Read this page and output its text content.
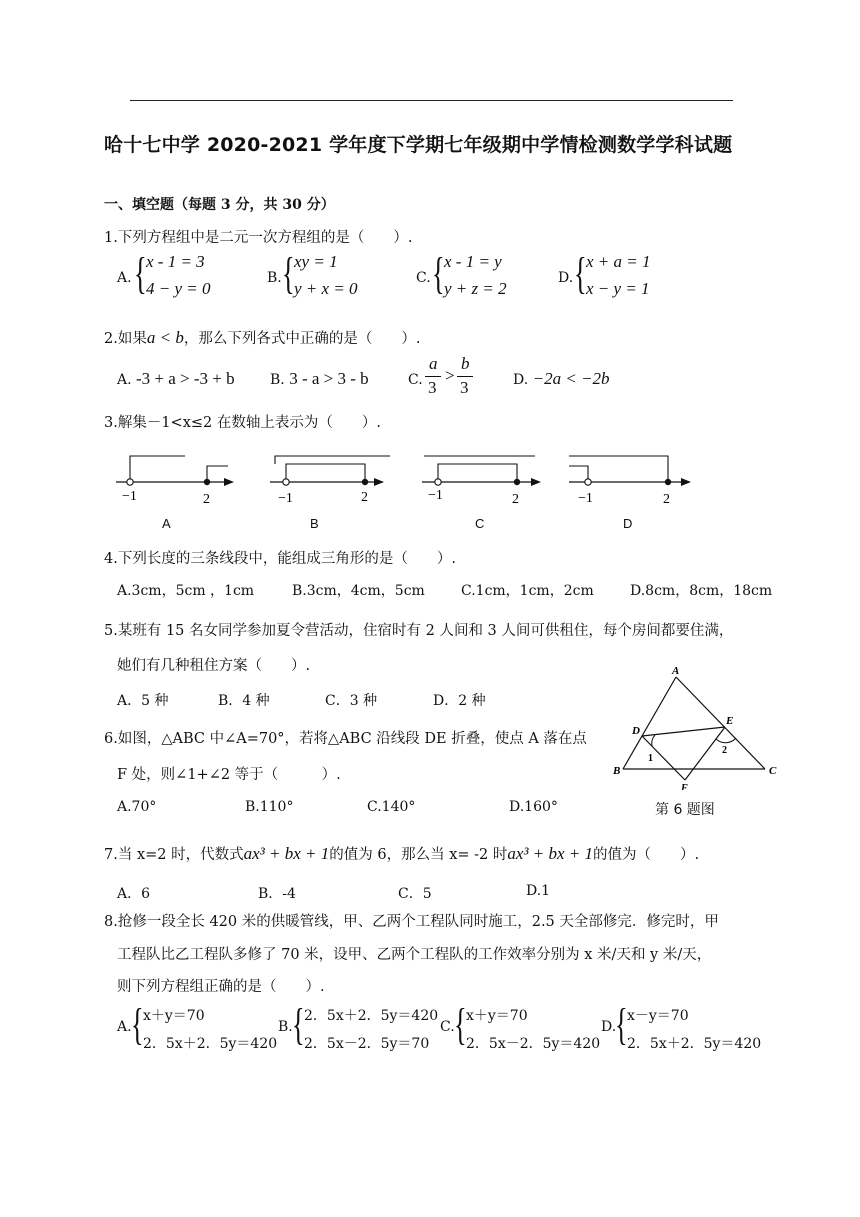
哈十七中学 2020-2021 学年度下学期七年级期中学情检测数学学科试题
一、填空题（每题 3 分，共 30 分）
1.下列方程组中是二元一次方程组的是（　　）.
A. { x - 1 = 3
4 − y = 0
B. { xy = 1
y + x = 0
C. { x - 1 = y
y + z = 2
D. { x + a = 1
x − y = 1
2.如果a < b，那么下列各式中正确的是（　　）.
A. -3 + a > -3 + b	B. 3 - a > 3 - b	C.
a
3
>
b
3	D. −2a < −2b
3.解集－1<x≤2 在数轴上表示为（　　）.
−1	2	−1	2	−1	2	−1	2
A	B	C	D
4.下列长度的三条线段中，能组成三角形的是（　　）.
A.3cm，5cm ，1cm	B.3cm，4cm，5cm	C.1cm，1cm，2cm	D.8cm，8cm，18cm
5.某班有 15 名女同学参加夏令营活动，住宿时有 2 人间和 3 人间可供租住，每个房间都要住满，
她们有几种租住方案（　　）.
A．5 种	B．4 种	C．3 种	D．2 种
6.如图，△ABC 中∠A=70°，若将△ABC 沿线段 DE 折叠，使点 A 落在点
F 处，则∠1+∠2 等于（　　　）.
A.70°	B.110°	C.140°	D.160°
A
D
E
B	C
F
1
2
第 6 题图
7.当 x=2 时，代数式ax³ + bx + 1的值为 6，那么当 x= -2 时ax³ + bx + 1的值为（　　）.
A．6	B．-4	C．5	D.1
8.抢修一段全长 420 米的供暖管线，甲、乙两个工程队同时施工，2.5 天全部修完．修完时，甲
工程队比乙工程队多修了 70 米，设甲、乙两个工程队的工作效率分别为 x 米/天和 y 米/天，
则下列方程组正确的是（　　）.
A. { x＋y＝70
2．5x＋2．5y＝420
B. { 2．5x＋2．5y＝420
2．5x－2．5y＝70
C. { x＋y＝70
2．5x－2．5y＝420
D.
{ x－y＝70
2．5x＋2．5y＝420
